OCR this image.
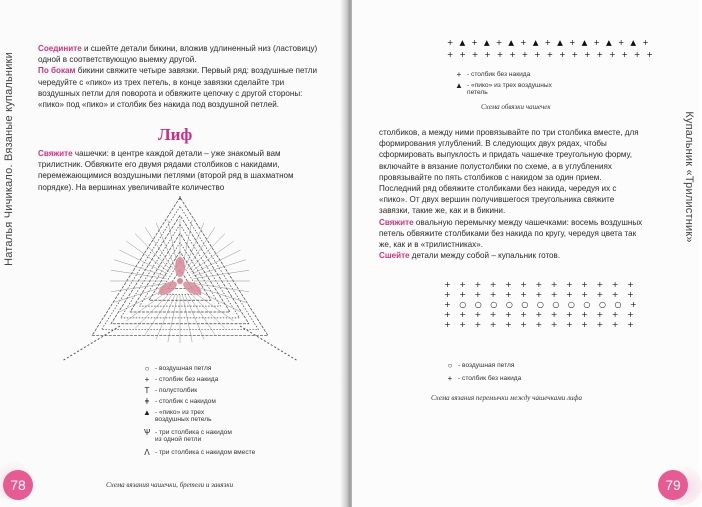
Наталья Чичикало. Вязаные купальники
Соедините и сшейте детали бикини, вложив удлиненный низ (ластовицу) одной в соответствующую выемку другой.
По бокам бикини свяжите четыре завязки. Первый ряд: воздушные петли чередуйте с «пико» из трех петель, в конце завязки сделайте три воздушных петли для поворота и обвяжите цепочку с другой стороны: «пико» под «пико» и столбик без накида под воздушной петлей.
Лиф
Свяжите чашечки: в центре каждой детали – уже знакомый вам трилистник. Обвяжите его двумя рядами столбиков с накидами, перемежающимися воздушными петлями (второй ряд в шахматном порядке). На вершинах увеличивайте количество
○ - воздушная петля
+ - столбик без накида
T - полустолбик
ǂ - столбик с накидом
▲ - «пико» из трех
воздушных петель
Ѱ - три столбика с накидом
из одной петли
ᐱ - три столбика с накидом вместе
Схема вязания чашечки, бретели и завязки
78
Купальник «Трилистник»
+ ▲ + ▲ + ▲ + ▲ + ▲ + ▲ + ▲ + ▲ +
+ + + + + + + + + + + + + + + + +
+ - столбик без накида
▲ - «пико» из трех воздушных
петель
Схема обвязки чашечек
столбиков, а между ними провязывайте по три столбика вместе, для формирования углублений. В следующих двух рядах, чтобы сформировать выпуклость и придать чашечке треугольную форму, включайте в вязание полустолбики по схеме, а в углублениях провязывайте по пять столбиков с накидом за один прием. Последний ряд обвяжите столбиками без накида, чередуя их с «пико». От двух вершин получившегося треугольника свяжите завязки, такие же, как и в бикини.
Свяжите овальную перемычку между чашечками: восемь воздушных петель обвяжите столбиками без накида по кругу, чередуя цвета так же, как и в «трилистниках».
Сшейте детали между собой – купальник готов.
+ + + + + + + + + + + + +
+ + + + + + + + + + + + +
+ ○ ○ ○ ○ ○ ○ ○ ○ ○ ○ ○ +
+ + + + + + + + + + + + +
+ + + + + + + + + + + + +
○ - воздушная петля
+ - столбик без накида
Схема вязания перемычки между чашечками лифа
79
